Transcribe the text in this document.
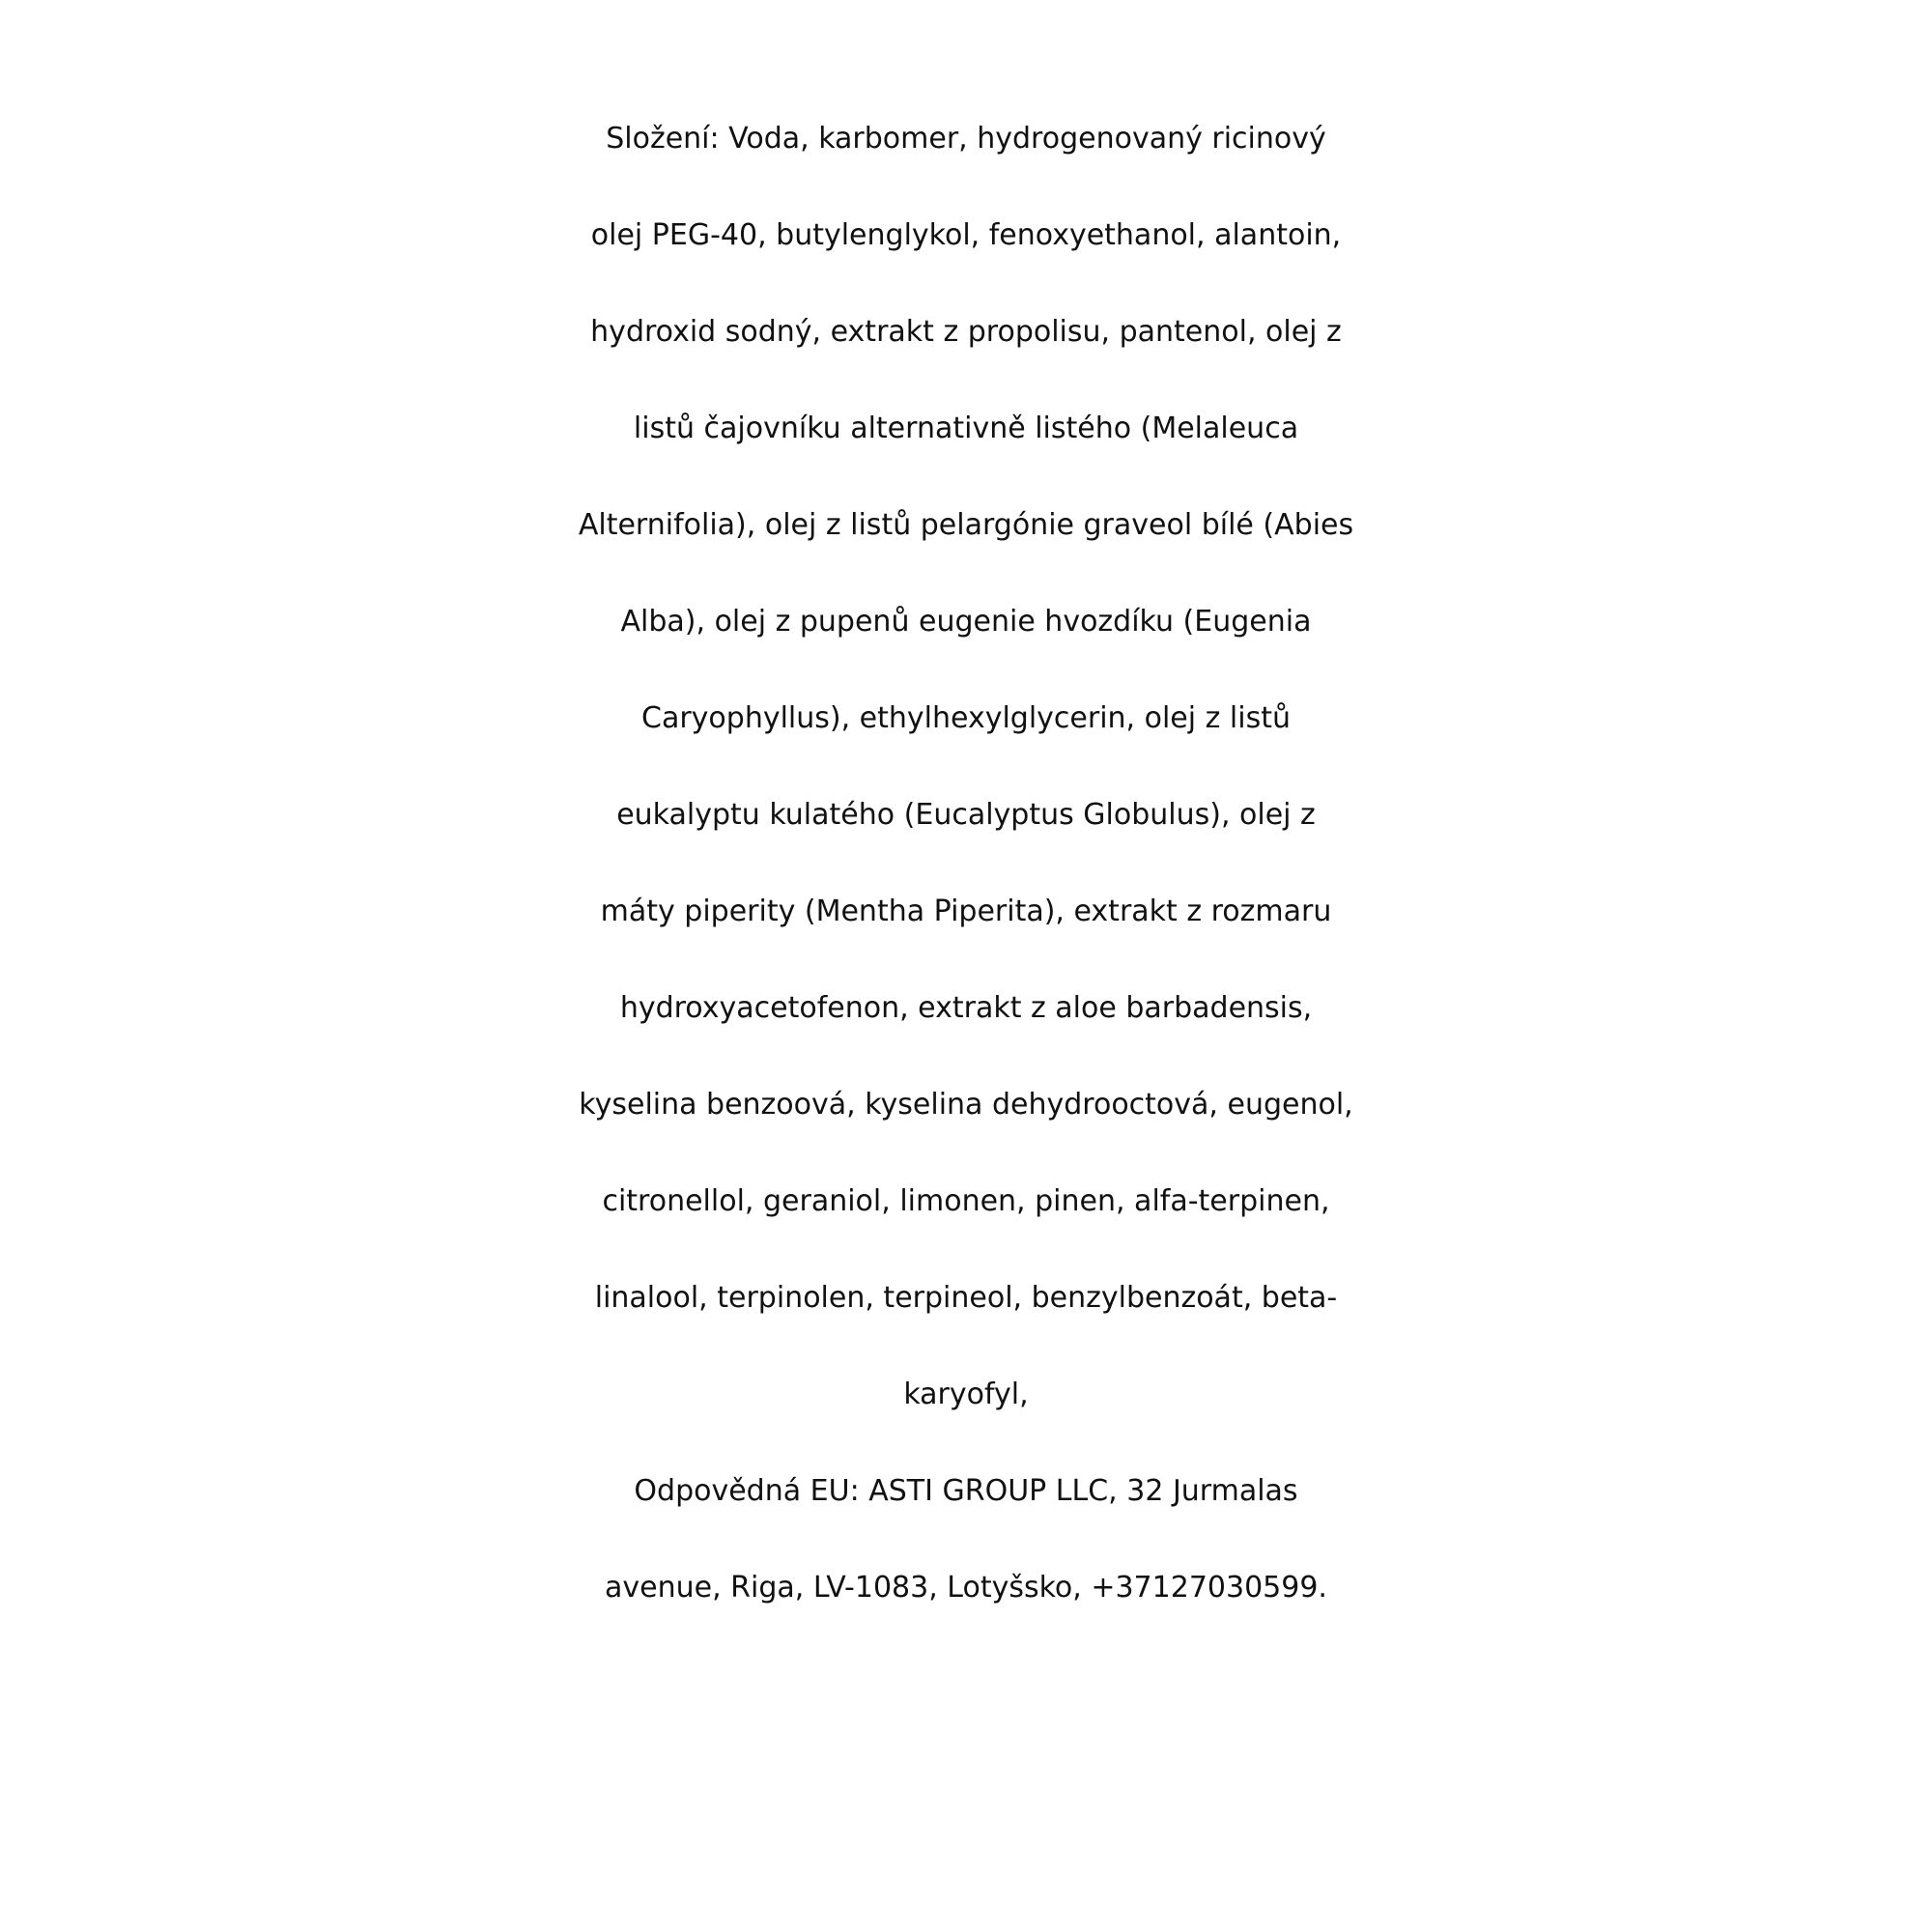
Složení: Voda, karbomer, hydrogenovaný ricinový
olej PEG-40, butylenglykol, fenoxyethanol, alantoin,
hydroxid sodný, extrakt z propolisu, pantenol, olej z
listů čajovníku alternativně listého (Melaleuca
Alternifolia), olej z listů pelargónie graveol bílé (Abies
Alba), olej z pupenů eugenie hvozdíku (Eugenia
Caryophyllus), ethylhexylglycerin, olej z listů
eukalyptu kulatého (Eucalyptus Globulus), olej z
máty piperity (Mentha Piperita), extrakt z rozmaru
hydroxyacetofenon, extrakt z aloe barbadensis,
kyselina benzoová, kyselina dehydrooctová, eugenol,
citronellol, geraniol, limonen, pinen, alfa-terpinen,
linalool, terpinolen, terpineol, benzylbenzoát, beta-
karyofyl,
Odpovědná EU: ASTI GROUP LLC, 32 Jurmalas
avenue, Riga, LV-1083, Lotyšsko, +37127030599.
